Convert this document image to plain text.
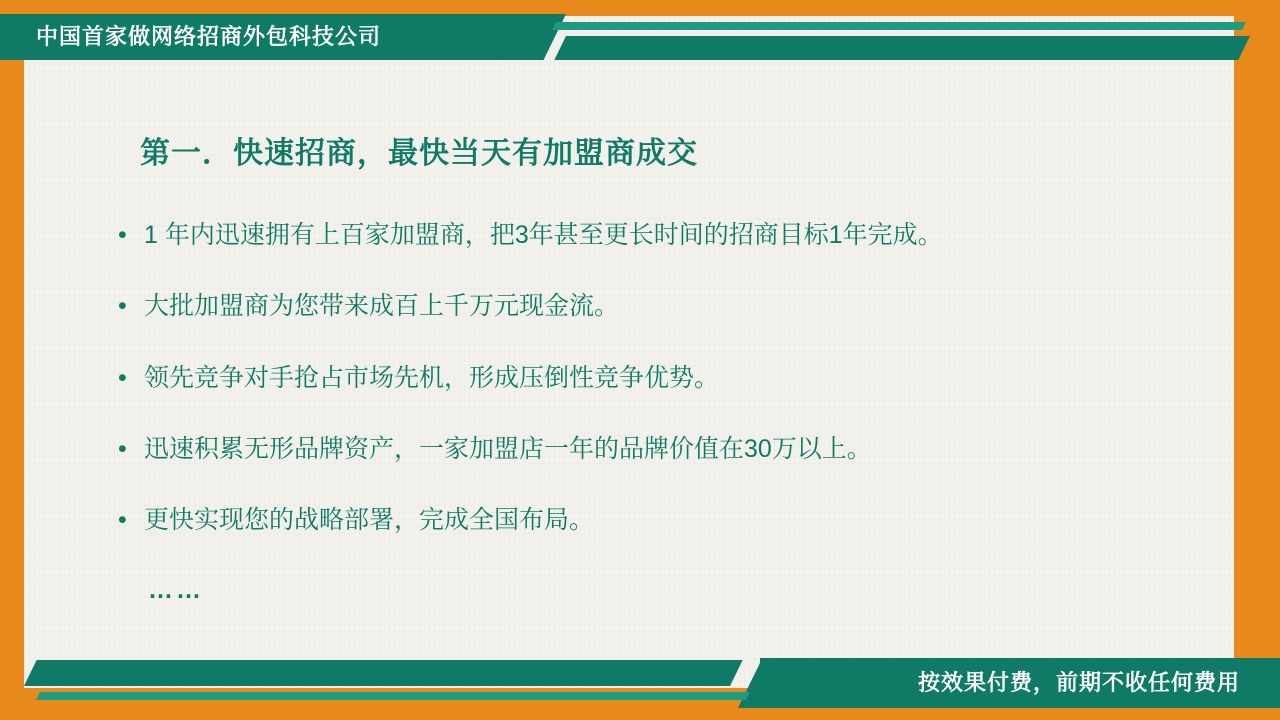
中国首家做网络招商外包科技公司
第一．快速招商，最快当天有加盟商成交
• 1 年内迅速拥有上百家加盟商，把3年甚至更长时间的招商目标1年完成。
• 大批加盟商为您带来成百上千万元现金流。
• 领先竞争对手抢占市场先机，形成压倒性竞争优势。
• 迅速积累无形品牌资产，一家加盟店一年的品牌价值在30万以上。
• 更快实现您的战略部署，完成全国布局。
……
按效果付费，前期不收任何费用
